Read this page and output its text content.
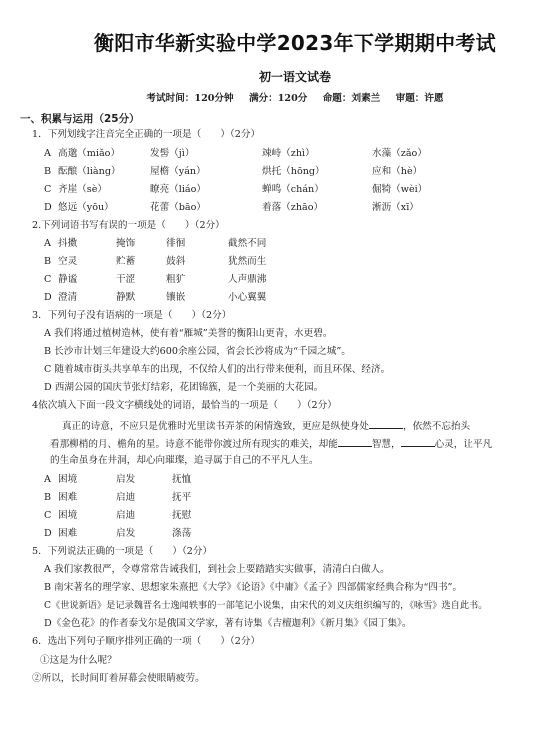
衡阳市华新实验中学2023年下学期期中考试
初一语文试卷
考试时间：120分钟 满分：120分 命题：刘素兰 审题：许愿
一、积累与运用（25分）
1．下列划线字注音完全正确的一项是（　　）（2分）
A 高邈（miǎo）	发髻（jì）	竦峙（zhì）	水藻（zǎo）
B 酝酿（liàng）	屋檐（yán）	烘托（hōng）	应和（hè）
C 齐崖（sè）	瞭亮（liáo）	蝉鸣（chán）	倔犄（wèi）
D 悠远（yōu）	花蕾（bāo）	着落（zhāo）	淅沥（xī）
2.下列词语书写有误的一项是（　　）（2分）
A 抖擞	掩饰	徘徊	截然不同
B 空灵	贮蓄	鼓斜	犹然而生
C 静谧	干涩	粗犷	人声鼎沸
D 澄清	静默	镶嵌	小心翼翼
3．下列句子没有语病的一项是（　　）（2分）
A 我们将通过植树造林，使有着“雁城”美誉的衡阳山更青，水更碧。
B 长沙市计划三年建设大约600余座公园，省会长沙将成为“千园之城”。
C 随着城市街头共享单车的出现，不仅给人们的出行带来便利，而且环保、经济。
D 西湖公园的国庆节张灯结彩，花团锦簇，是一个美丽的大花园。
4依次填入下面一段文字横线处的词语，最恰当的一项是（　　）（2分）
真正的诗意，不应只是优雅时光里读书弄茶的闲情逸致，更应是纵使身处	，依然不忘抬头
看那柳梢的月、檐角的星。诗意不能带你渡过所有现实的难关，却能	智慧，	心灵，让平凡
的生命虽身在井洞，却心向璀璨，追寻属于自己的不平凡人生。
A 困境	启发	抚恤
B 困难	启迪	抚平
C 困境	启迪	抚慰
D 困难	启发	涤荡
5．下列说法正确的一项是（　　）（2分）
A 我们家教很严，令尊常常告诫我们，到社会上要踏踏实实做事，清清白白做人。
B 南宋著名的理学家、思想家朱熹把《大学》《论语》《中庸》《孟子》四部儒家经典合称为“四书”。
C《世说新语》是记录魏晋名士逸闻轶事的一部笔记小说集，由宋代的刘义庆组织编写的，《咏雪》选自此书。
D《金色花》的作者泰戈尔是俄国文学家，著有诗集《吉檀迦利》《新月集》《园丁集》。
6．选出下列句子顺序排列正确的一项（　　）（2分）
①这是为什么呢？
②所以，长时间盯着屏幕会使眼睛疲劳。
